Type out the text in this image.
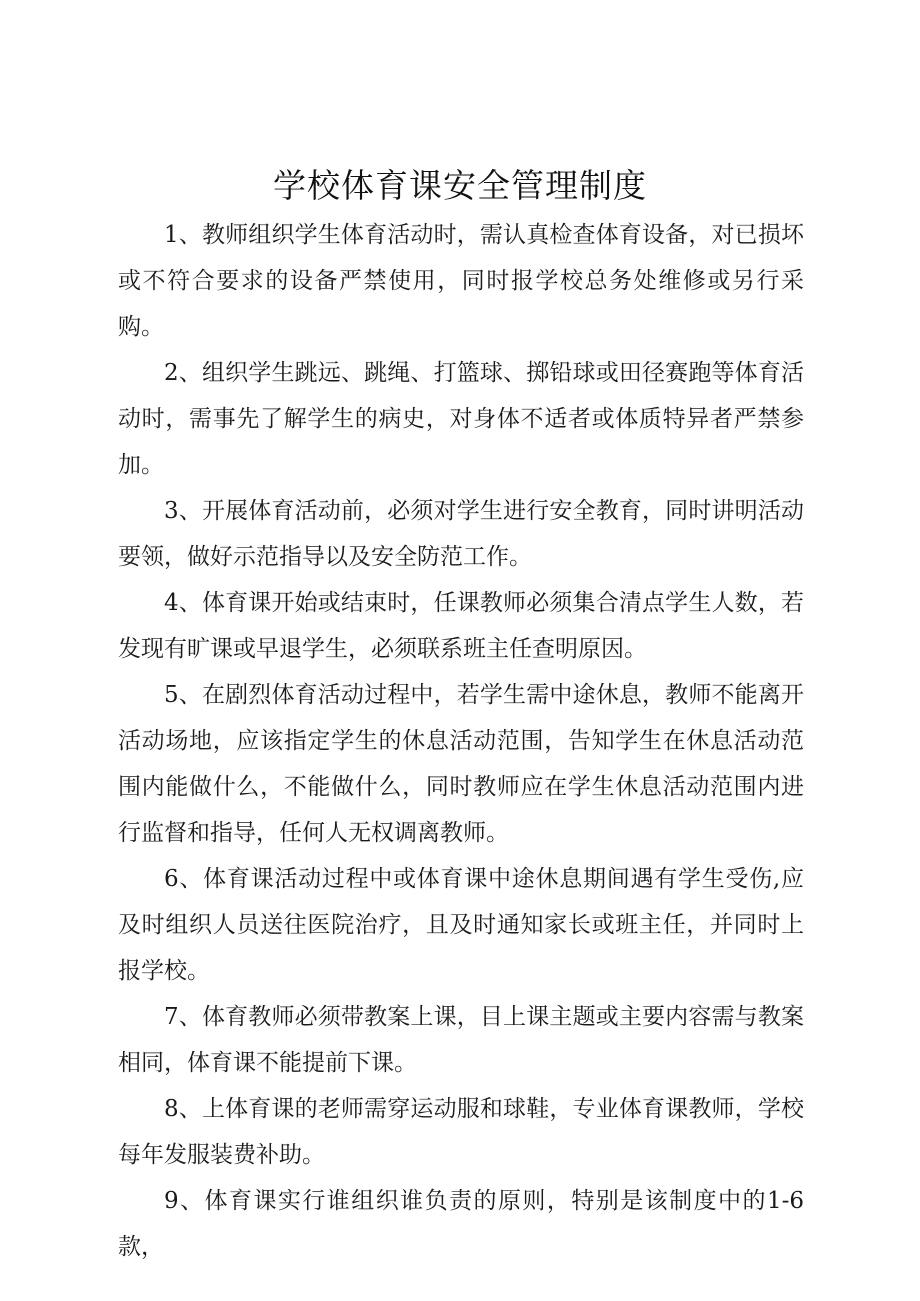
学校体育课安全管理制度

1、教师组织学生体育活动时，需认真检查体育设备，对已损坏或不符合要求的设备严禁使用，同时报学校总务处维修或另行采购。

2、组织学生跳远、跳绳、打篮球、掷铅球或田径赛跑等体育活动时，需事先了解学生的病史，对身体不适者或体质特异者严禁参加。

3、开展体育活动前，必须对学生进行安全教育，同时讲明活动要领，做好示范指导以及安全防范工作。

4、体育课开始或结束时，任课教师必须集合清点学生人数，若发现有旷课或早退学生，必须联系班主任查明原因。

5、在剧烈体育活动过程中，若学生需中途休息，教师不能离开活动场地，应该指定学生的休息活动范围，告知学生在休息活动范围内能做什么，不能做什么，同时教师应在学生休息活动范围内进行监督和指导，任何人无权调离教师。

6、体育课活动过程中或体育课中途休息期间遇有学生受伤,应及时组织人员送往医院治疗，且及时通知家长或班主任，并同时上报学校。

7、体育教师必须带教案上课，目上课主题或主要内容需与教案相同，体育课不能提前下课。

8、上体育课的老师需穿运动服和球鞋，专业体育课教师，学校每年发服装费补助。

9、体育课实行谁组织谁负责的原则，特别是该制度中的1-6款，
